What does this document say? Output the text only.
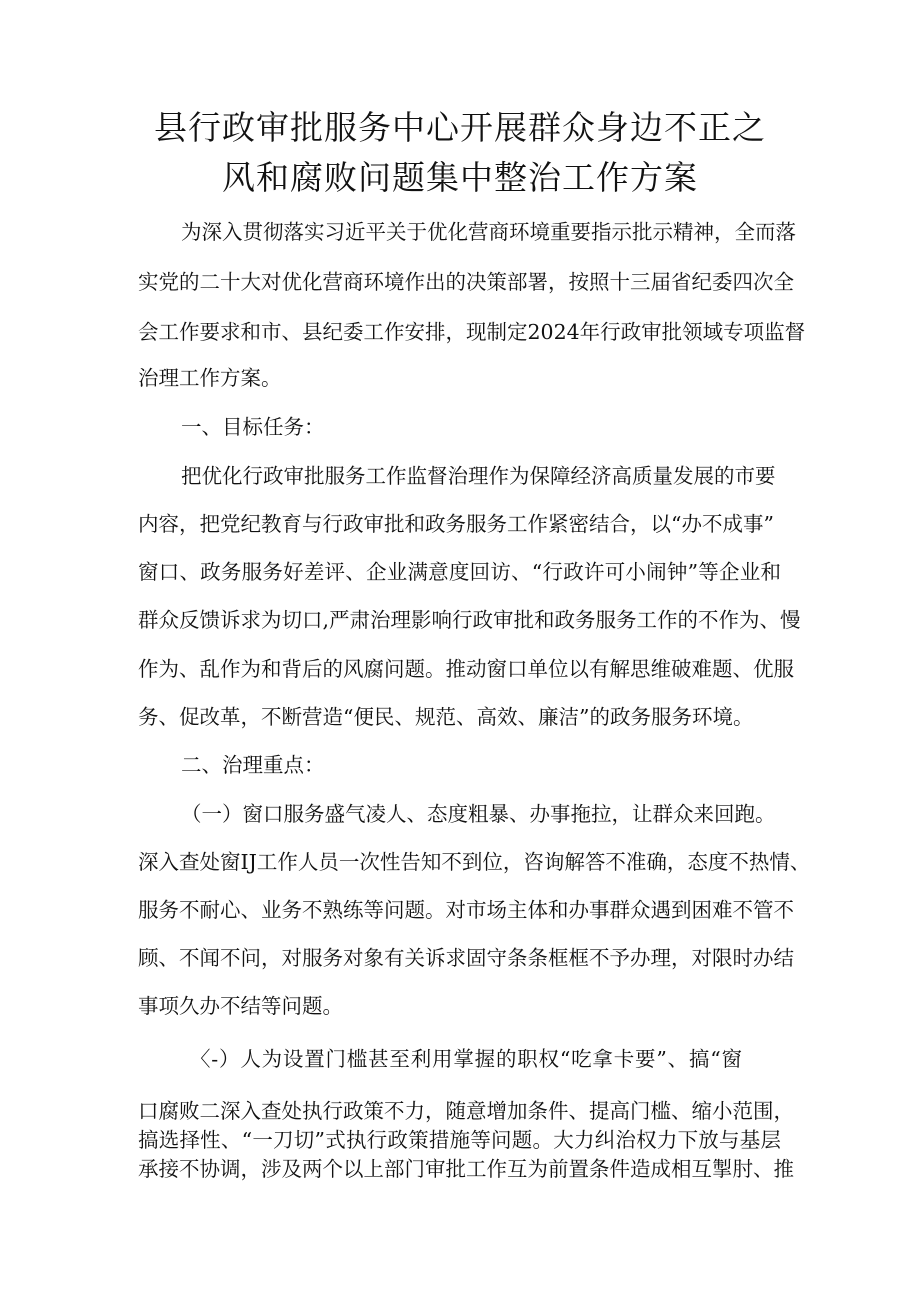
县行政审批服务中心开展群众身边不正之
风和腐败问题集中整治工作方案
为深入贯彻落实习近平关于优化营商环境重要指示批示精神，全而落
实党的二十大对优化营商环境作出的决策部署，按照十三届省纪委四次全
会工作要求和市、县纪委工作安排，现制定2024年行政审批领域专项监督
治理工作方案。
一、目标任务：
把优化行政审批服务工作监督治理作为保障经济高质量发展的市要
内容，把党纪教育与行政审批和政务服务工作紧密结合，以“办不成事”
窗口、政务服务好差评、企业满意度回访、“行政许可小闹钟”等企业和
群众反馈诉求为切口,严肃治理影响行政审批和政务服务工作的不作为、慢
作为、乱作为和背后的风腐问题。推动窗口单位以有解思维破难题、优服
务、促改革，不断营造“便民、规范、高效、廉洁”的政务服务环境。
二、治理重点：
（一）窗口服务盛气凌人、态度粗暴、办事拖拉，让群众来回跑。
深入查处窗IJ工作人员一次性告知不到位，咨询解答不准确，态度不热情、
服务不耐心、业务不熟练等问题。对市场主体和办事群众遇到困难不管不
顾、不闻不问，对服务对象有关诉求固守条条框框不予办理，对限时办结
事项久办不结等问题。
〈-）人为设置门槛甚至利用掌握的职权“吃拿卡要”、搞“窗
口腐败二深入查处执行政策不力，随意增加条件、提高门槛、缩小范围，
搞选择性、“一刀切”式执行政策措施等问题。大力纠治权力下放与基层
承接不协调，涉及两个以上部门审批工作互为前置条件造成相互掣肘、推
